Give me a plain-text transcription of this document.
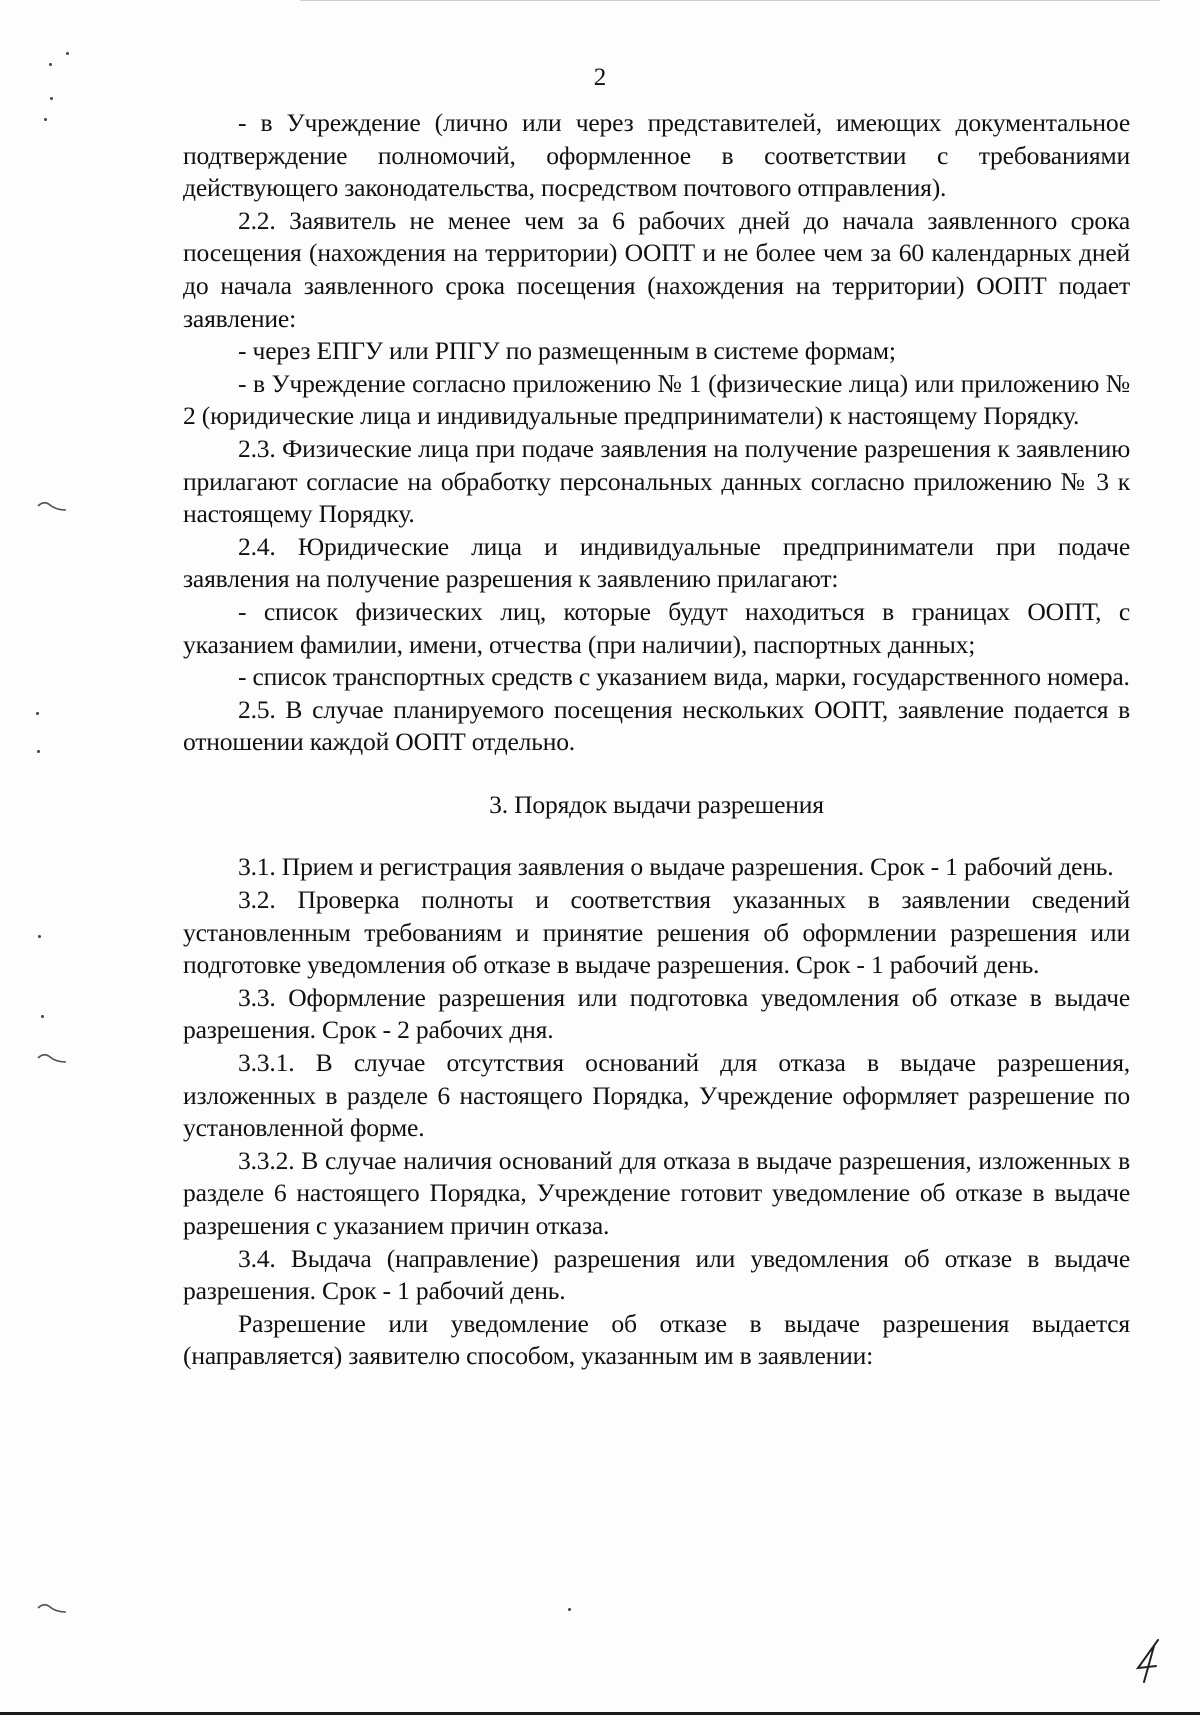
2

- в Учреждение (лично или через представителей, имеющих документальное подтверждение полномочий, оформленное в соответствии с требованиями действующего законодательства, посредством почтового отправления).

2.2. Заявитель не менее чем за 6 рабочих дней до начала заявленного срока посещения (нахождения на территории) ООПТ и не более чем за 60 календарных дней до начала заявленного срока посещения (нахождения на территории) ООПТ подает заявление:

- через ЕПГУ или РПГУ по размещенным в системе формам;

- в Учреждение согласно приложению № 1 (физические лица) или приложению № 2 (юридические лица и индивидуальные предприниматели) к настоящему Порядку.

2.3. Физические лица при подаче заявления на получение разрешения к заявлению прилагают согласие на обработку персональных данных согласно приложению № 3 к настоящему Порядку.

2.4. Юридические лица и индивидуальные предприниматели при подаче заявления на получение разрешения к заявлению прилагают:

- список физических лиц, которые будут находиться в границах ООПТ, с указанием фамилии, имени, отчества (при наличии), паспортных данных;

- список транспортных средств с указанием вида, марки, государственного номера.

2.5. В случае планируемого посещения нескольких ООПТ, заявление подается в отношении каждой ООПТ отдельно.

3. Порядок выдачи разрешения

3.1. Прием и регистрация заявления о выдаче разрешения. Срок - 1 рабочий день.

3.2. Проверка полноты и соответствия указанных в заявлении сведений установленным требованиям и принятие решения об оформлении разрешения или подготовке уведомления об отказе в выдаче разрешения. Срок - 1 рабочий день.

3.3. Оформление разрешения или подготовка уведомления об отказе в выдаче разрешения. Срок - 2 рабочих дня.

3.3.1. В случае отсутствия оснований для отказа в выдаче разрешения, изложенных в разделе 6 настоящего Порядка, Учреждение оформляет разрешение по установленной форме.

3.3.2. В случае наличия оснований для отказа в выдаче разрешения, изложенных в разделе 6 настоящего Порядка, Учреждение готовит уведомление об отказе в выдаче разрешения с указанием причин отказа.

3.4. Выдача (направление) разрешения или уведомления об отказе в выдаче разрешения. Срок - 1 рабочий день.

Разрешение или уведомление об отказе в выдаче разрешения выдается (направляется) заявителю способом, указанным им в заявлении:
